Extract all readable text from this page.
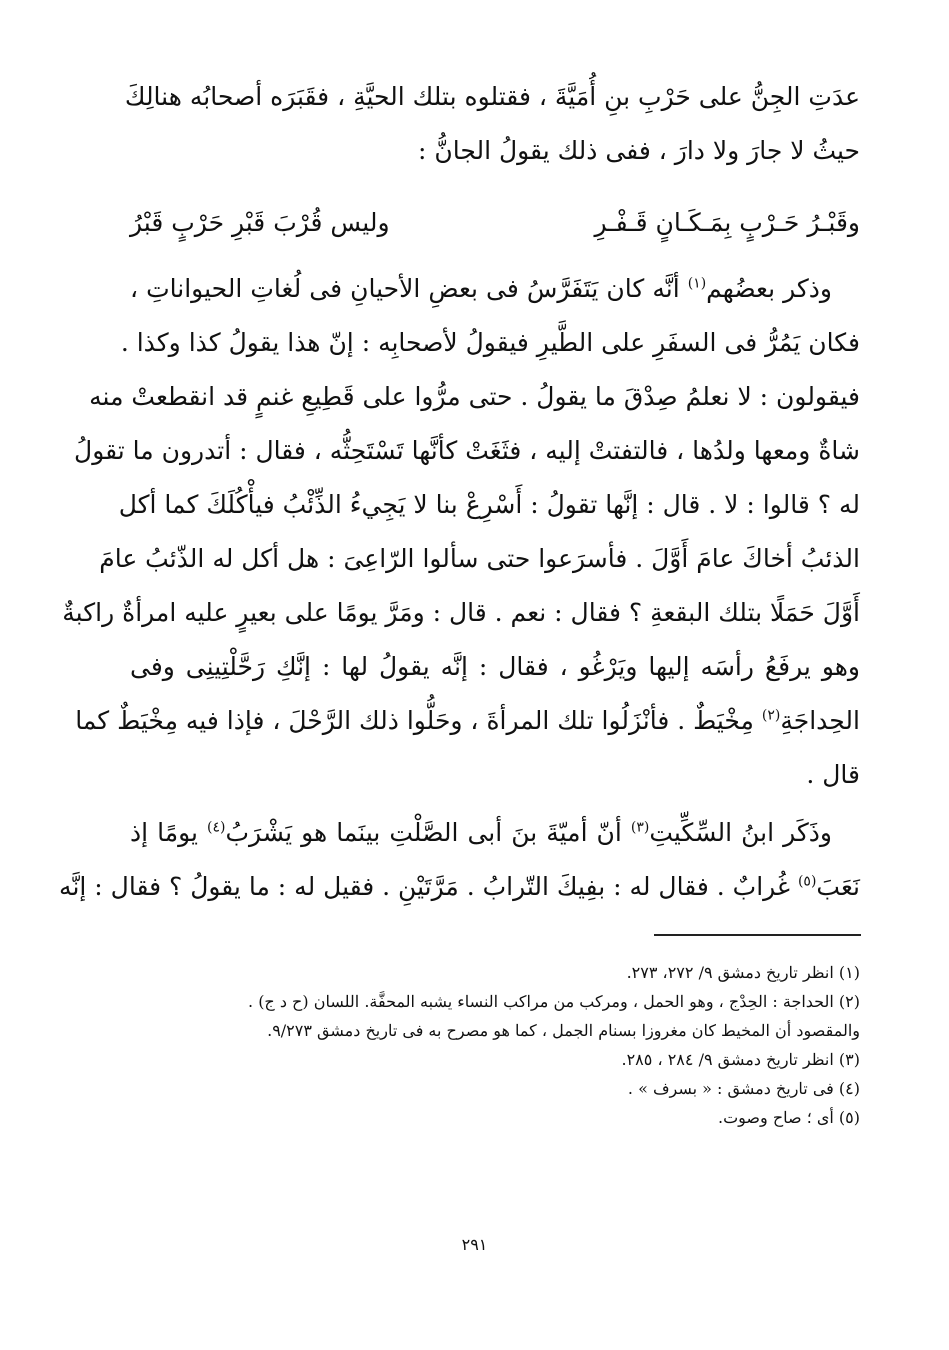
عدَتِ الجِنُّ على حَرْبِ بنِ أُمَيَّةَ ، فقتلوه بتلك الحيَّةِ ، فقَبَرَه أصحابُه هنالِكَ
حيثُ لا جارَ ولا دارَ ، ففى ذلك يقولُ الجانُّ :
وقَبْـرُ حَـرْبٍ بِمَـكَـانٍ قَـفْـرِ
وليس قُرْبَ قَبْرِ حَرْبٍ قَبْرُ
وذكر بعضُهم$^{(١)}$ أنَّه كان يَتَفَرَّسُ فى بعضِ الأحيانِ فى لُغاتِ الحيواناتِ ،
فكان يَمُرُّ فى السفَرِ على الطَّيرِ فيقولُ لأصحابِه : إنّ هذا يقولُ كذا وكذا .
فيقولون : لا نعلمُ صِدْقَ ما يقولُ . حتى مرُّوا على قَطِيعِ غنمٍ قد انقطعتْ منه
شاةٌ ومعها ولدُها ، فالتفتتْ إليه ، فثَغَتْ كأنَّها تَسْتَحِثُّه ، فقال : أتدرون ما تقولُ
له ؟ قالوا : لا . قال : إنَّها تقولُ : أَسْرِعْ بنا لا يَجِيءُ الذِّئْبُ فيأْكُلَكَ كما أكل
الذئبُ أخاكَ عامَ أَوَّلَ . فأسرَعوا حتى سألوا الرّاعِىَ : هل أكل له الذّئبُ عامَ
أَوَّلَ حَمَلًا بتلك البقعةِ ؟ فقال : نعم . قال : ومَرَّ يومًا على بعيرٍ عليه امرأةٌ راكبةٌ
وهو يرفَعُ رأسَه إليها ويَرْغُو ، فقال : إنَّه يقولُ لها : إنَّكِ رَحَّلْتِينِى وفى
الحِداجَةِ$^{(٢)}$ مِخْيَطٌ . فأنْزَلُوا تلك المرأةَ ، وحَلُّوا ذلك الرَّحْلَ ، فإذا فيه مِخْيَطٌ كما
قال .
وذَكَر ابنُ السِّكِّيتِ$^{(٣)}$ أنّ أميّةَ بنَ أبى الصَّلْتِ بينَما هو يَشْرَبُ$^{(٤)}$ يومًا إذ
نَعَبَ$^{(٥)}$ غُرابٌ . فقال له : بفِيكَ التّرابُ . مَرَّتَيْنِ . فقيل له : ما يقولُ ؟ فقال : إنَّه
(١) انظر تاريخ دمشق ٩/ ٢٧٢، ٢٧٣.
(٢) الحداجة : الحِدْج ، وهو الحمل ، ومركب من مراكب النساء يشبه المحفَّة. اللسان (ح د ج) .
والمقصود أن المخيط كان مغروزا بسنام الجمل ، كما هو مصرح به فى تاريخ دمشق ٩/٢٧٣.
(٣) انظر تاريخ دمشق ٩/ ٢٨٤ ، ٢٨٥.
(٤) فى تاريخ دمشق : « بسرف » .
(٥) أى ؛ صاح وصوت.
٢٩١
